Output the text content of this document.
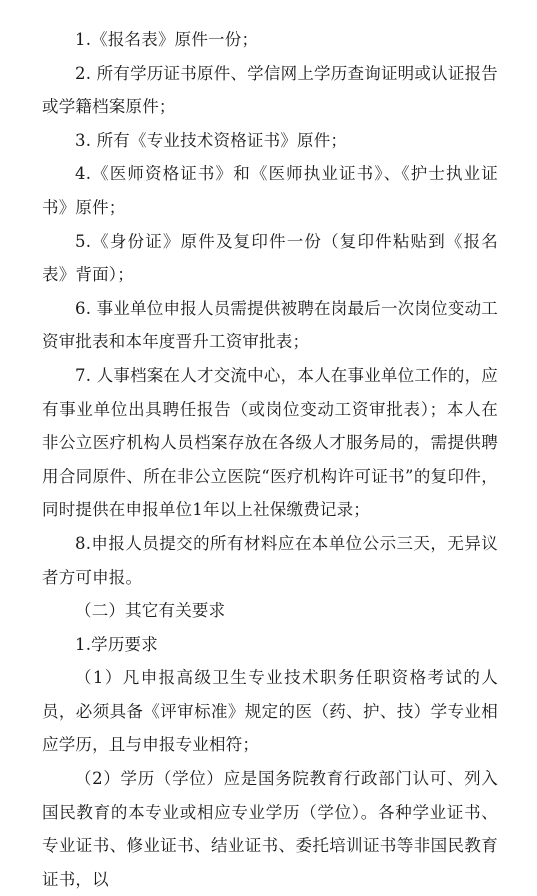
1.《报名表》原件一份；

2. 所有学历证书原件、学信网上学历查询证明或认证报告或学籍档案原件；

3. 所有《专业技术资格证书》原件；

4.《医师资格证书》和《医师执业证书》、《护士执业证书》原件；

5.《身份证》原件及复印件一份（复印件粘贴到《报名表》背面）；

6. 事业单位申报人员需提供被聘在岗最后一次岗位变动工资审批表和本年度晋升工资审批表；

7. 人事档案在人才交流中心，本人在事业单位工作的，应有事业单位出具聘任报告（或岗位变动工资审批表）；本人在非公立医疗机构人员档案存放在各级人才服务局的，需提供聘用合同原件、所在非公立医院“医疗机构许可证书”的复印件，同时提供在申报单位1年以上社保缴费记录；

8.申报人员提交的所有材料应在本单位公示三天，无异议者方可申报。

（二）其它有关要求

1.学历要求

（1）凡申报高级卫生专业技术职务任职资格考试的人员，必须具备《评审标准》规定的医（药、护、技）学专业相应学历，且与申报专业相符；

（2）学历（学位）应是国务院教育行政部门认可、列入国民教育的本专业或相应专业学历（学位）。各种学业证书、专业证书、修业证书、结业证书、委托培训证书等非国民教育证书，以
